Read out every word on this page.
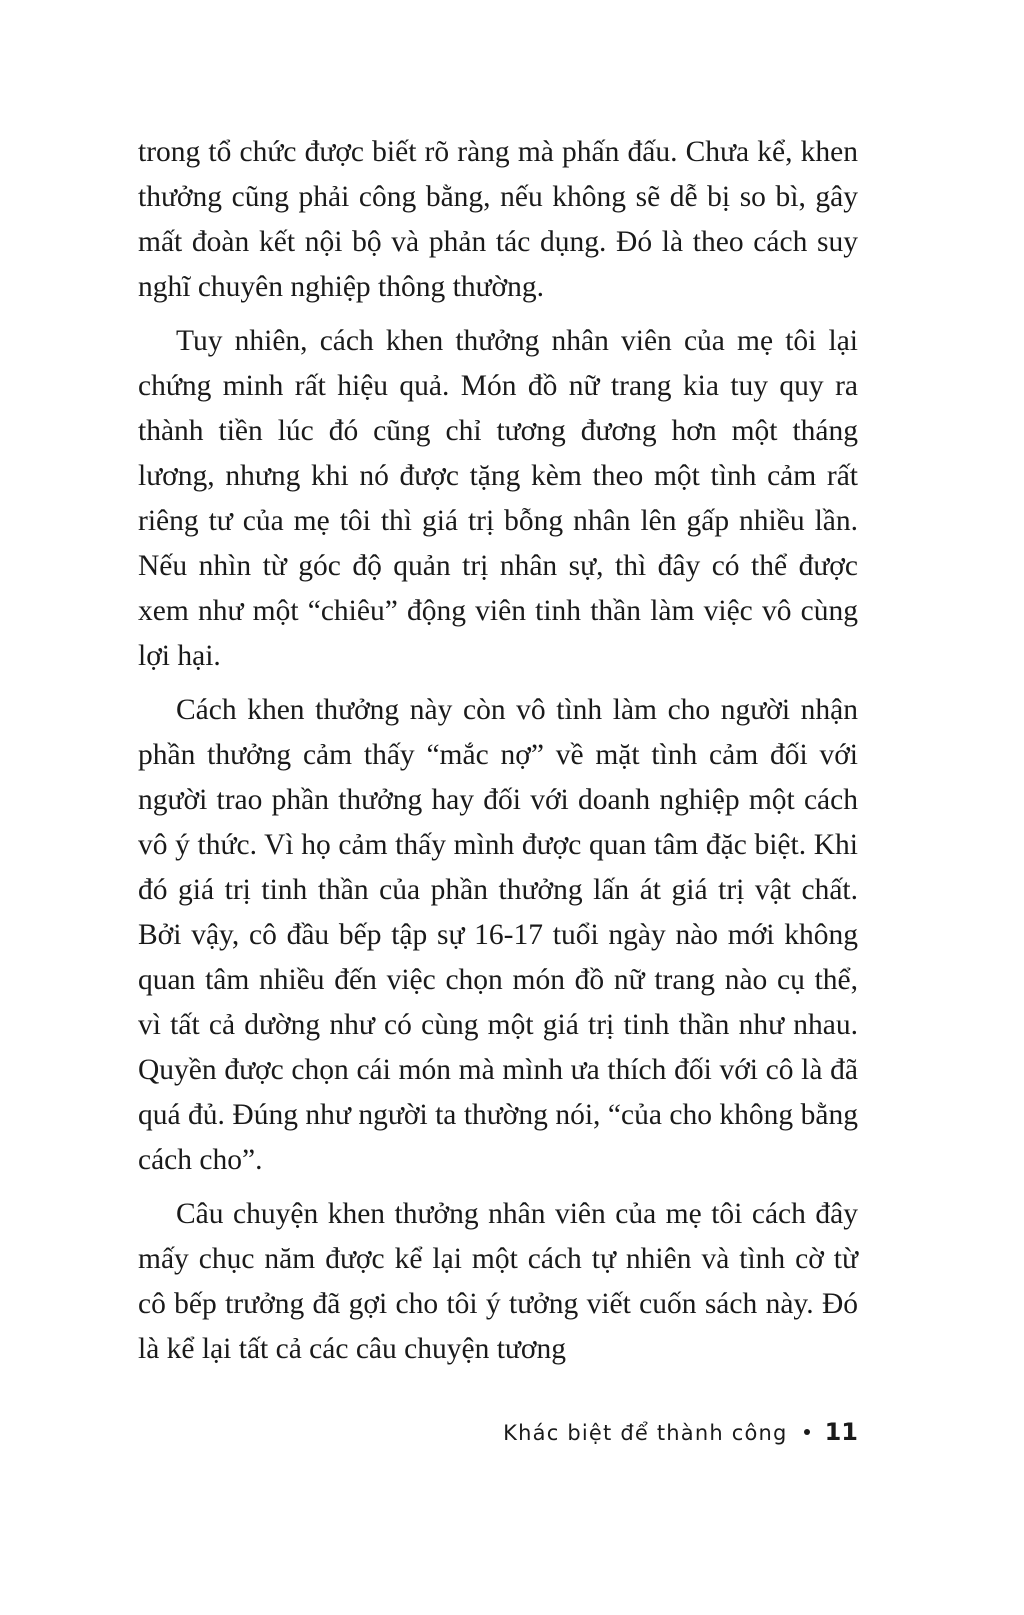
trong tổ chức được biết rõ ràng mà phấn đấu. Chưa kể, khen thưởng cũng phải công bằng, nếu không sẽ dễ bị so bì, gây mất đoàn kết nội bộ và phản tác dụng. Đó là theo cách suy nghĩ chuyên nghiệp thông thường.

Tuy nhiên, cách khen thưởng nhân viên của mẹ tôi lại chứng minh rất hiệu quả. Món đồ nữ trang kia tuy quy ra thành tiền lúc đó cũng chỉ tương đương hơn một tháng lương, nhưng khi nó được tặng kèm theo một tình cảm rất riêng tư của mẹ tôi thì giá trị bỗng nhân lên gấp nhiều lần. Nếu nhìn từ góc độ quản trị nhân sự, thì đây có thể được xem như một “chiêu” động viên tinh thần làm việc vô cùng lợi hại.

Cách khen thưởng này còn vô tình làm cho người nhận phần thưởng cảm thấy “mắc nợ” về mặt tình cảm đối với người trao phần thưởng hay đối với doanh nghiệp một cách vô ý thức. Vì họ cảm thấy mình được quan tâm đặc biệt. Khi đó giá trị tinh thần của phần thưởng lấn át giá trị vật chất. Bởi vậy, cô đầu bếp tập sự 16-17 tuổi ngày nào mới không quan tâm nhiều đến việc chọn món đồ nữ trang nào cụ thể, vì tất cả dường như có cùng một giá trị tinh thần như nhau. Quyền được chọn cái món mà mình ưa thích đối với cô là đã quá đủ. Đúng như người ta thường nói, “của cho không bằng cách cho”.

Câu chuyện khen thưởng nhân viên của mẹ tôi cách đây mấy chục năm được kể lại một cách tự nhiên và tình cờ từ cô bếp trưởng đã gợi cho tôi ý tưởng viết cuốn sách này. Đó là kể lại tất cả các câu chuyện tương

Khác biệt để thành công 11
